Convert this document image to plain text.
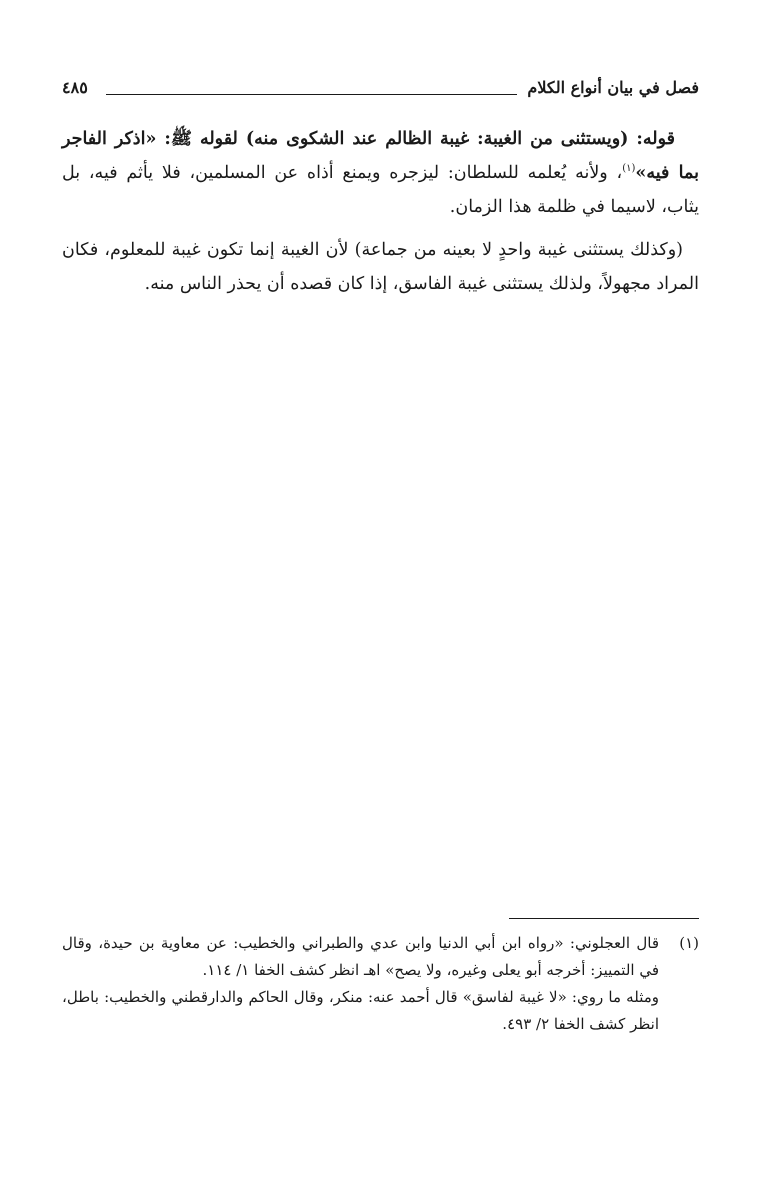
فصل في بيان أنواع الكلام
٤٨٥

قوله: (ويستثنى من الغيبة: غيبة الظالم عند الشكوى منه) لقوله ﷺ: «اذكر الفاجر بما فيه»$^{(١)}$، ولأنه يُعلمه للسلطان: ليزجره ويمنع أذاه عن المسلمين، فلا يأثم فيه، بل يثاب، لاسيما في ظلمة هذا الزمان.

(وكذلك يستثنى غيبة واحدٍ لا بعينه من جماعة) لأن الغيبة إنما تكون غيبة للمعلوم، فكان المراد مجهولاً، ولذلك يستثنى غيبة الفاسق، إذا كان قصده أن يحذر الناس منه.

(١)
قال العجلوني: «رواه ابن أبي الدنيا وابن عدي والطبراني والخطيب: عن معاوية بن حيدة، وقال في التمييز: أخرجه أبو يعلى وغيره، ولا يصح» اهـ انظر كشف الخفا ١/ ١١٤.
ومثله ما روي: «لا غيبة لفاسق» قال أحمد عنه: منكر، وقال الحاكم والدارقطني والخطيب: باطل، انظر كشف الخفا ٢/ ٤٩٣.
